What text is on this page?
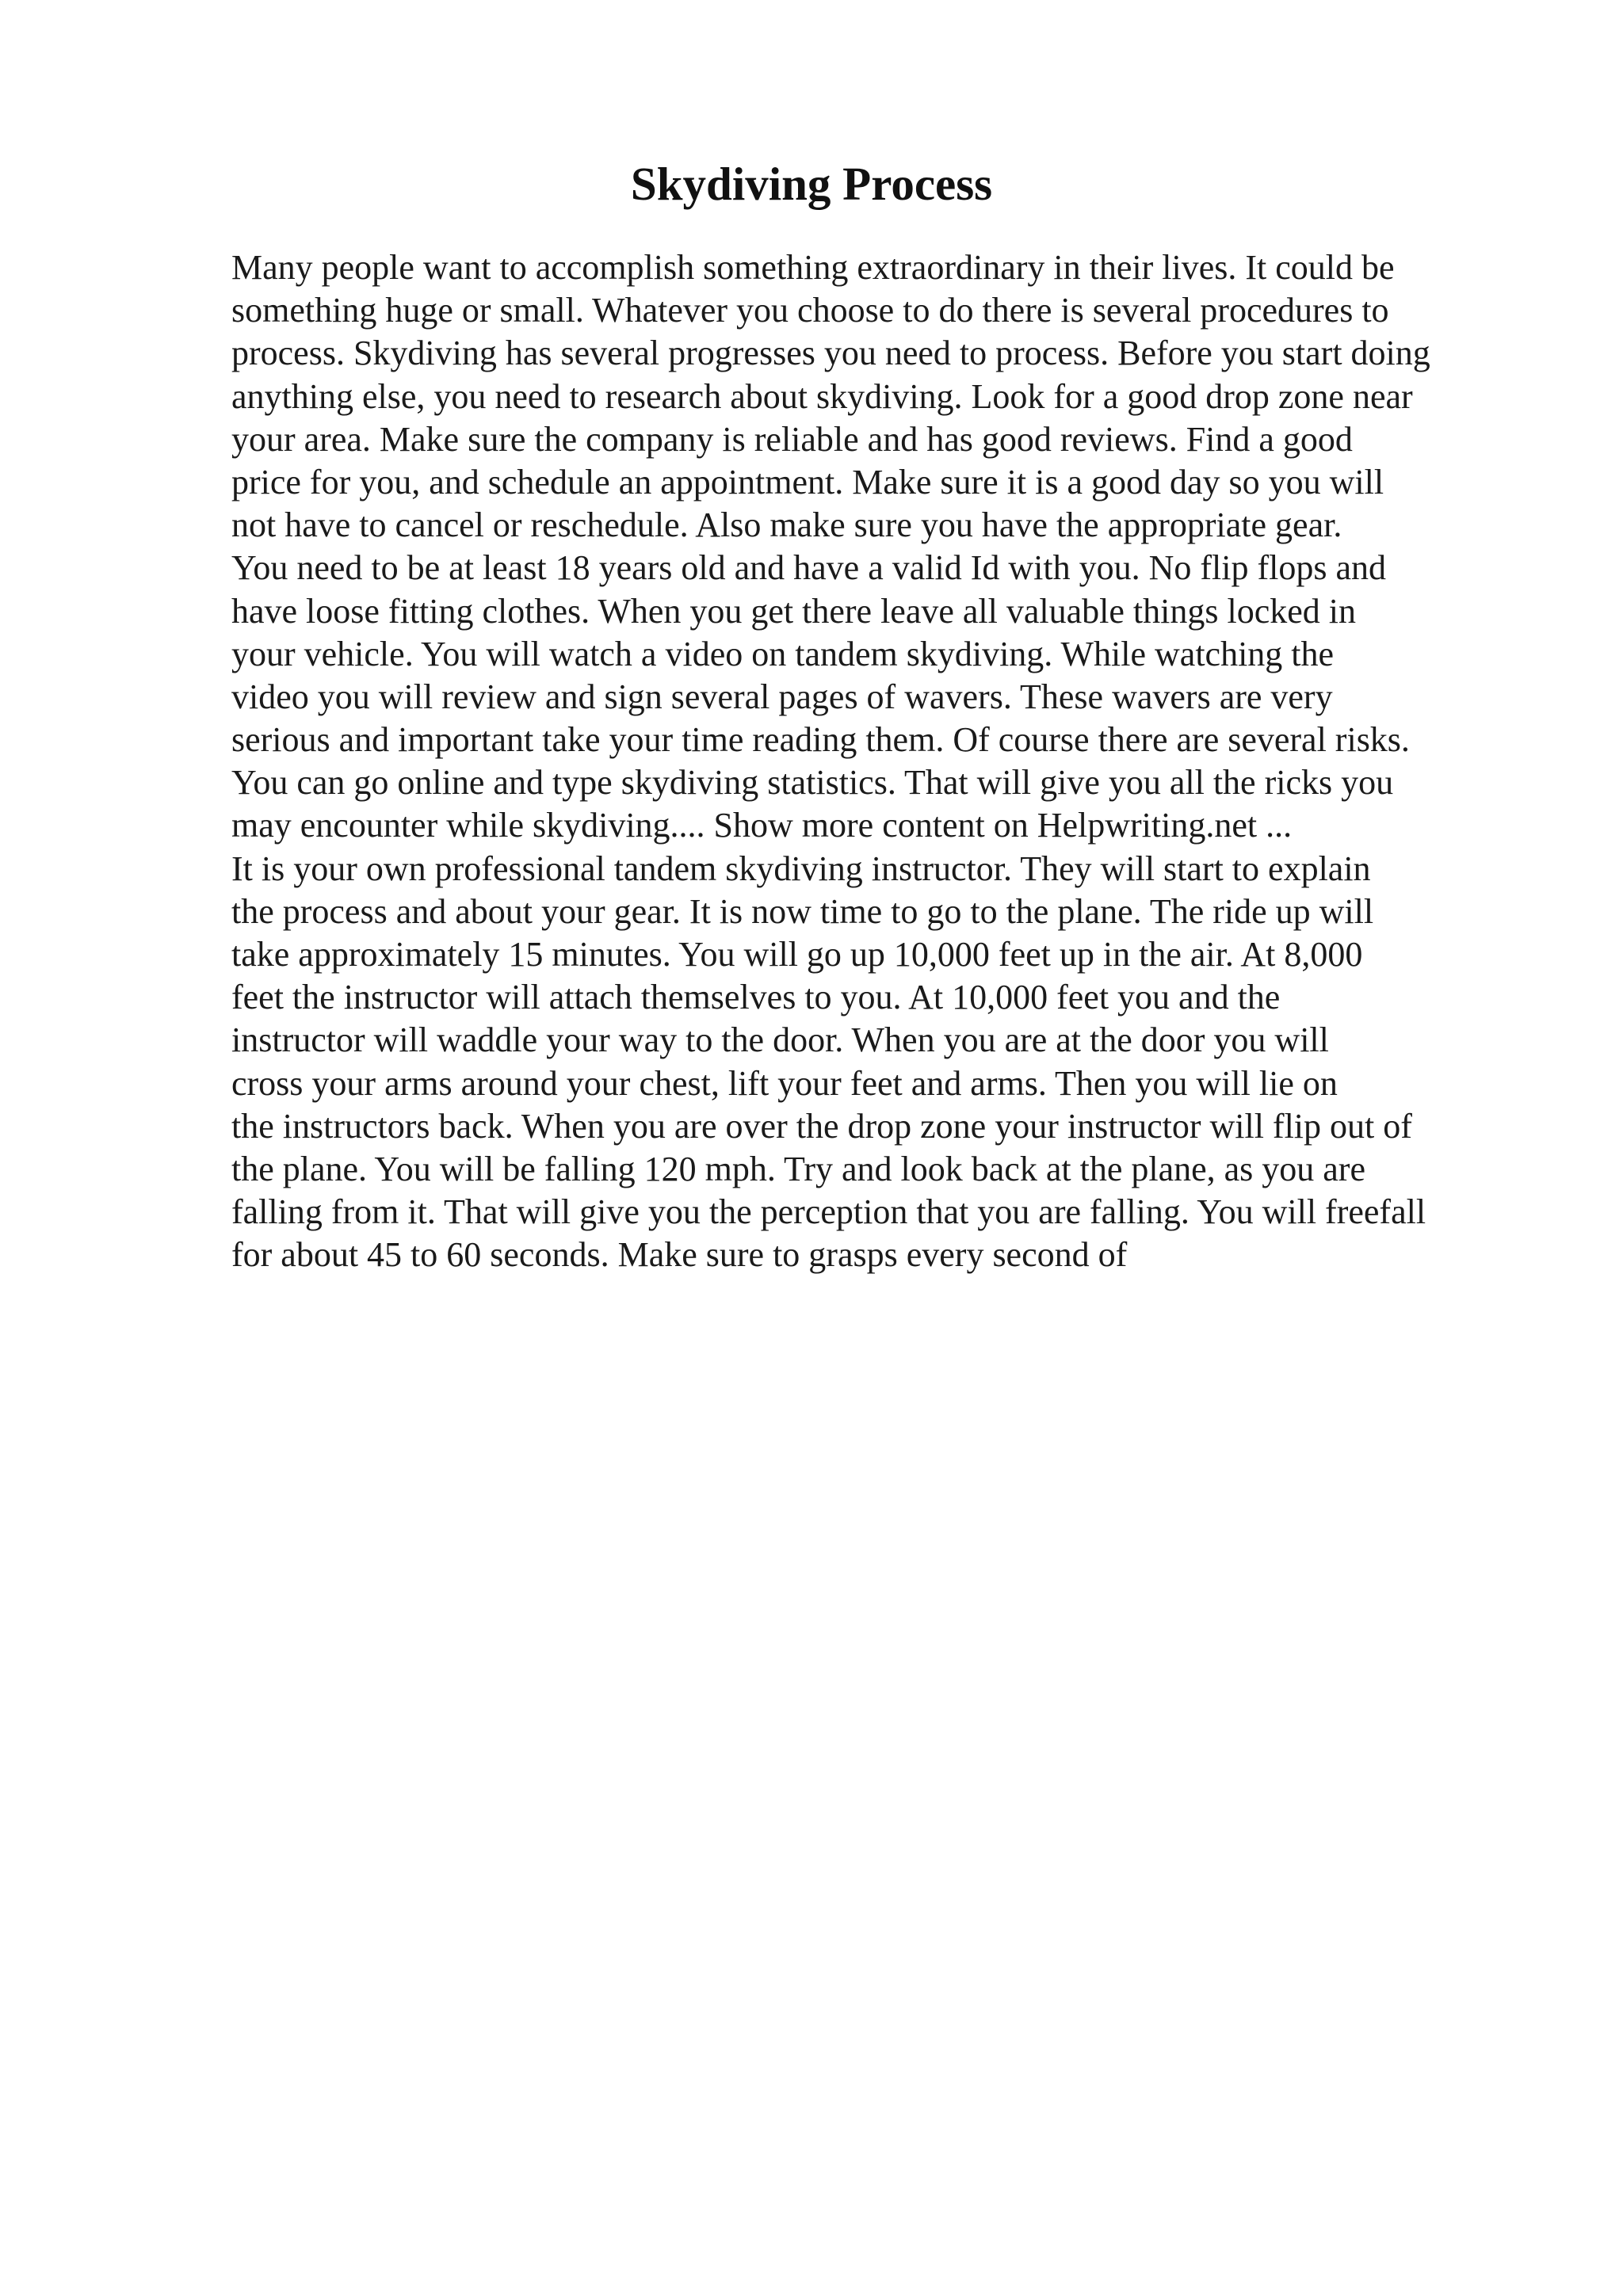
Skydiving Process
Many people want to accomplish something extraordinary in their lives. It could be
something huge or small. Whatever you choose to do there is several procedures to
process. Skydiving has several progresses you need to process. Before you start doing
anything else, you need to research about skydiving. Look for a good drop zone near
your area. Make sure the company is reliable and has good reviews. Find a good
price for you, and schedule an appointment. Make sure it is a good day so you will
not have to cancel or reschedule. Also make sure you have the appropriate gear.
You need to be at least 18 years old and have a valid Id with you. No flip flops and
have loose fitting clothes. When you get there leave all valuable things locked in
your vehicle. You will watch a video on tandem skydiving. While watching the
video you will review and sign several pages of wavers. These wavers are very
serious and important take your time reading them. Of course there are several risks.
You can go online and type skydiving statistics. That will give you all the ricks you
may encounter while skydiving.... Show more content on Helpwriting.net ...
It is your own professional tandem skydiving instructor. They will start to explain
the process and about your gear. It is now time to go to the plane. The ride up will
take approximately 15 minutes. You will go up 10,000 feet up in the air. At 8,000
feet the instructor will attach themselves to you. At 10,000 feet you and the
instructor will waddle your way to the door. When you are at the door you will
cross your arms around your chest, lift your feet and arms. Then you will lie on
the instructors back. When you are over the drop zone your instructor will flip out of
the plane. You will be falling 120 mph. Try and look back at the plane, as you are
falling from it. That will give you the perception that you are falling. You will freefall
for about 45 to 60 seconds. Make sure to grasps every second of
